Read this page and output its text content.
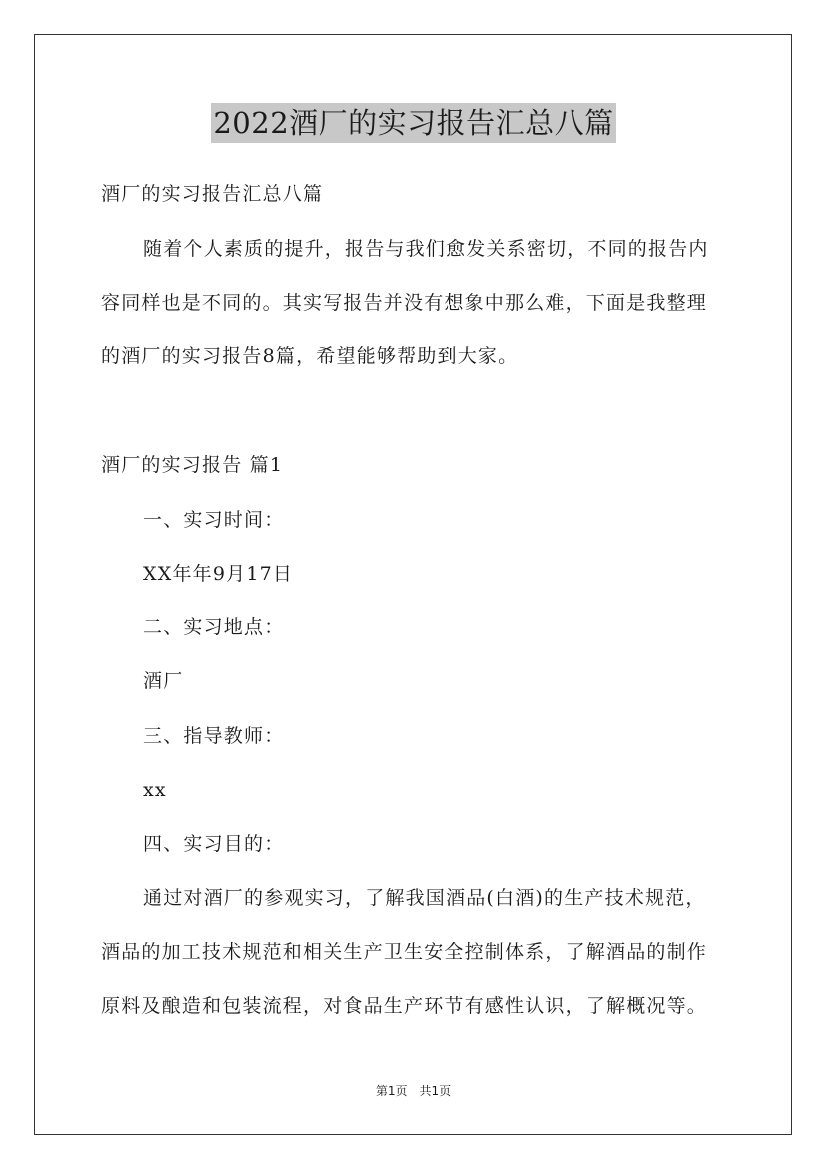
2022酒厂的实习报告汇总八篇
酒厂的实习报告汇总八篇
随着个人素质的提升，报告与我们愈发关系密切，不同的报告内
容同样也是不同的。其实写报告并没有想象中那么难，下面是我整理
的酒厂的实习报告8篇，希望能够帮助到大家。
酒厂的实习报告 篇1
一、实习时间：
XX年年9月17日
二、实习地点：
酒厂
三、指导教师：
xx
四、实习目的：
通过对酒厂的参观实习，了解我国酒品(白酒)的生产技术规范，
酒品的加工技术规范和相关生产卫生安全控制体系，了解酒品的制作
原料及酿造和包装流程，对食品生产环节有感性认识，了解概况等。
第1页　共1页
